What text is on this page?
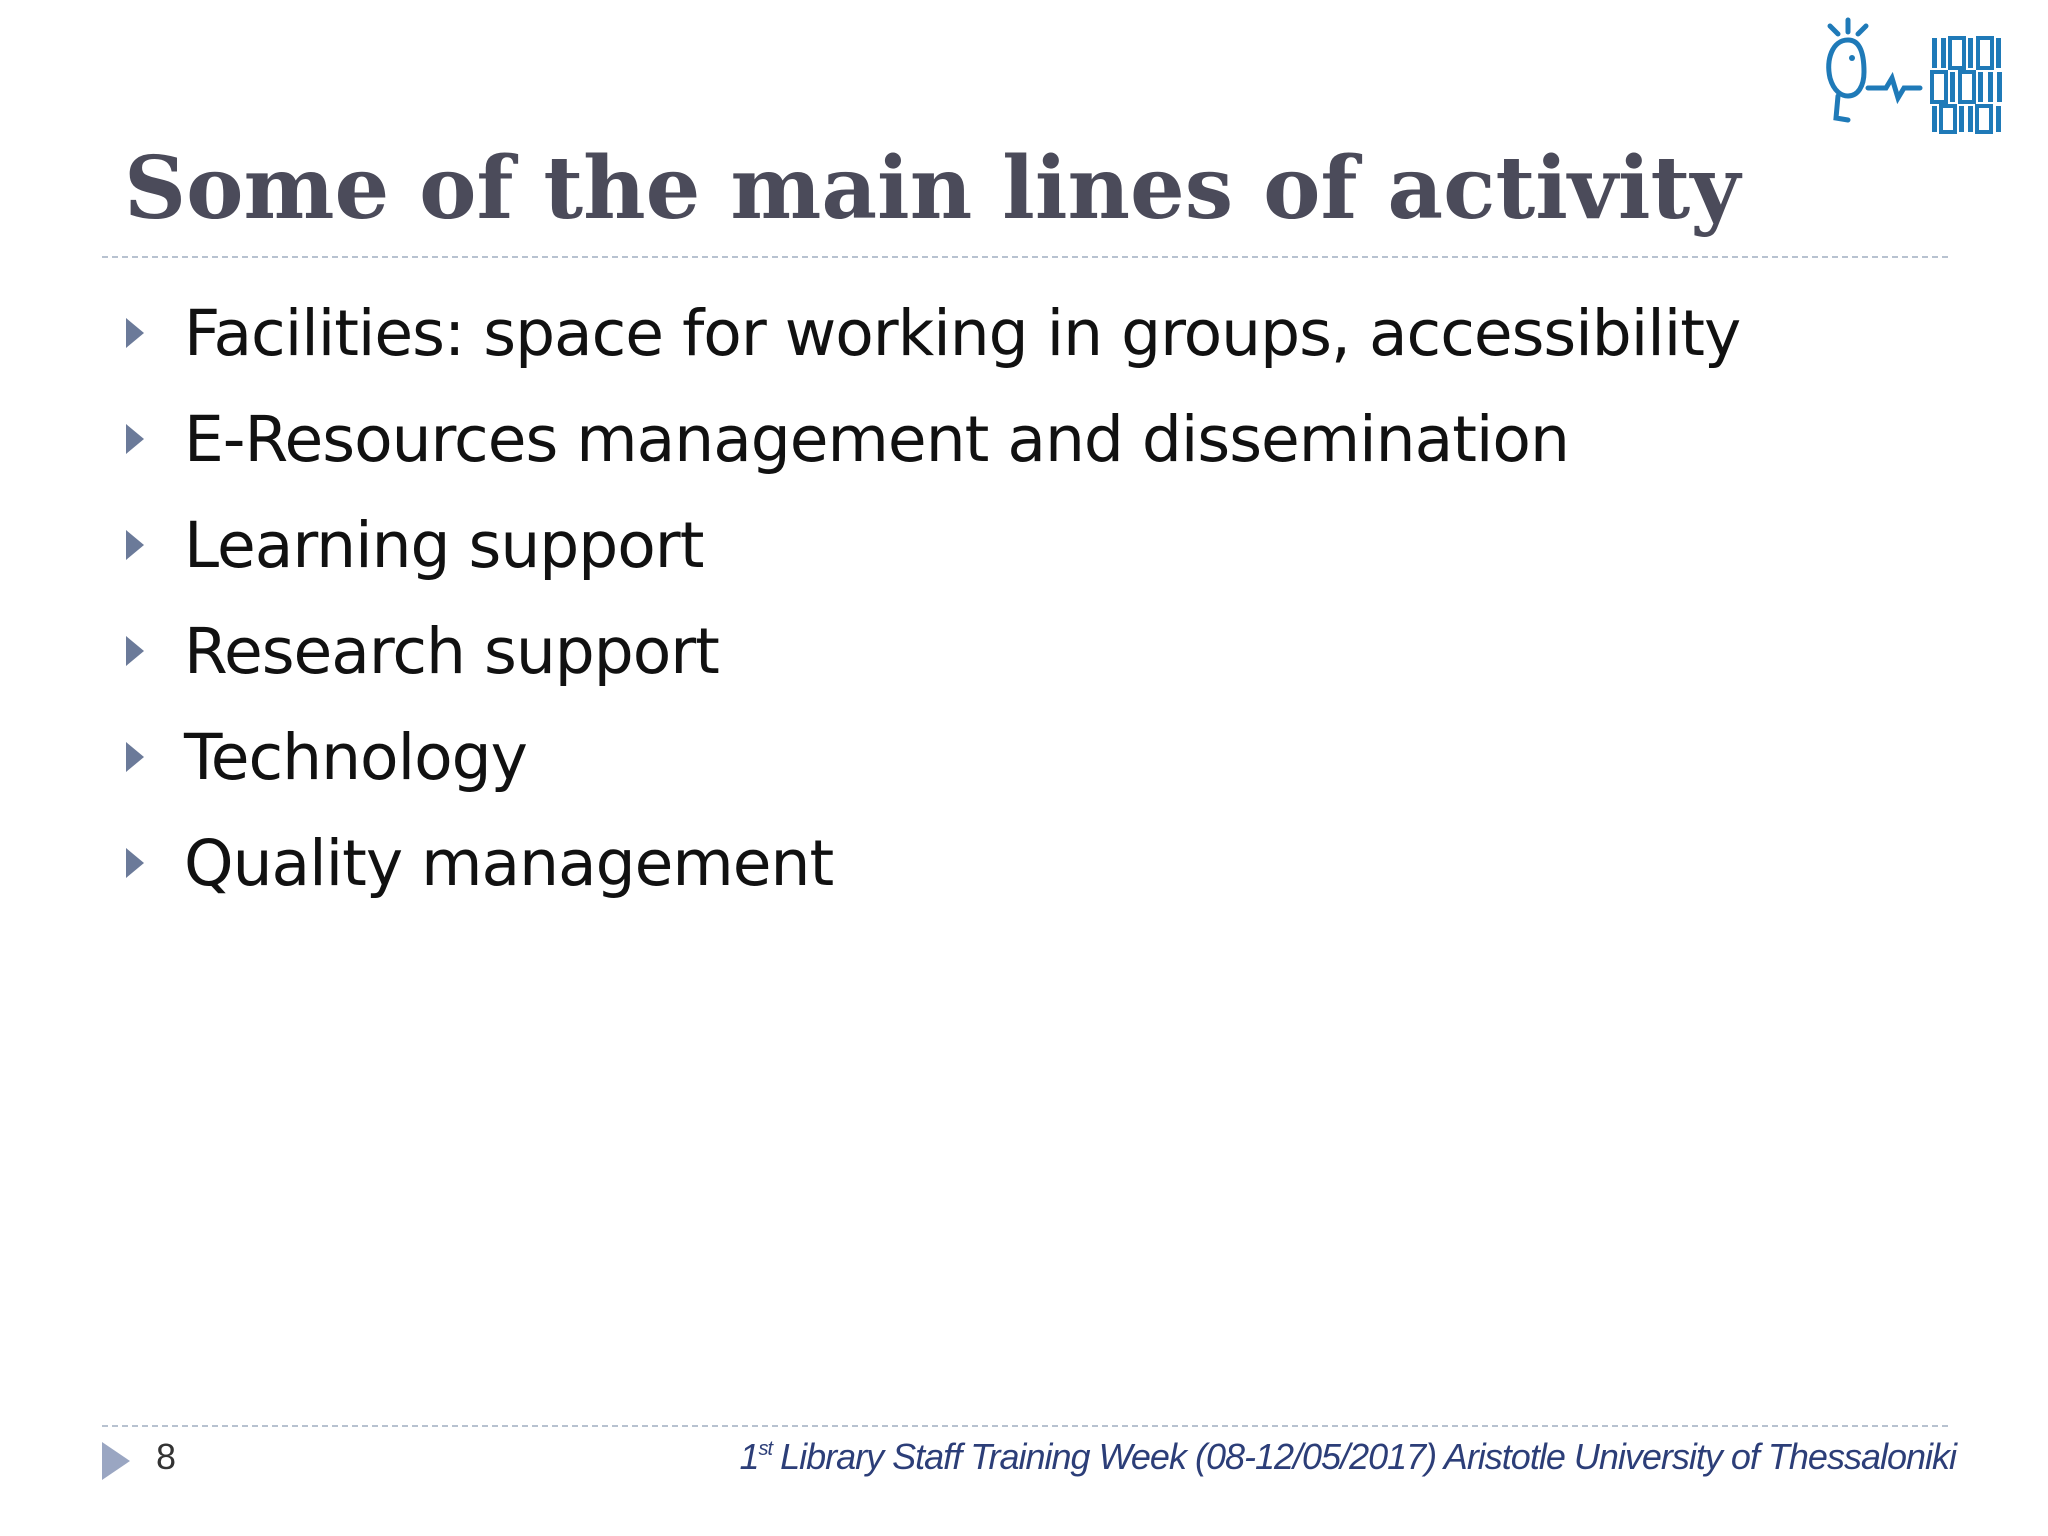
Some of the main lines of activity
Facilities: space for working in groups, accessibility
E-Resources management and dissemination
Learning support
Research support
Technology
Quality management
8	1st Library Staff Training Week (08-12/05/2017) Aristotle University of Thessaloniki
